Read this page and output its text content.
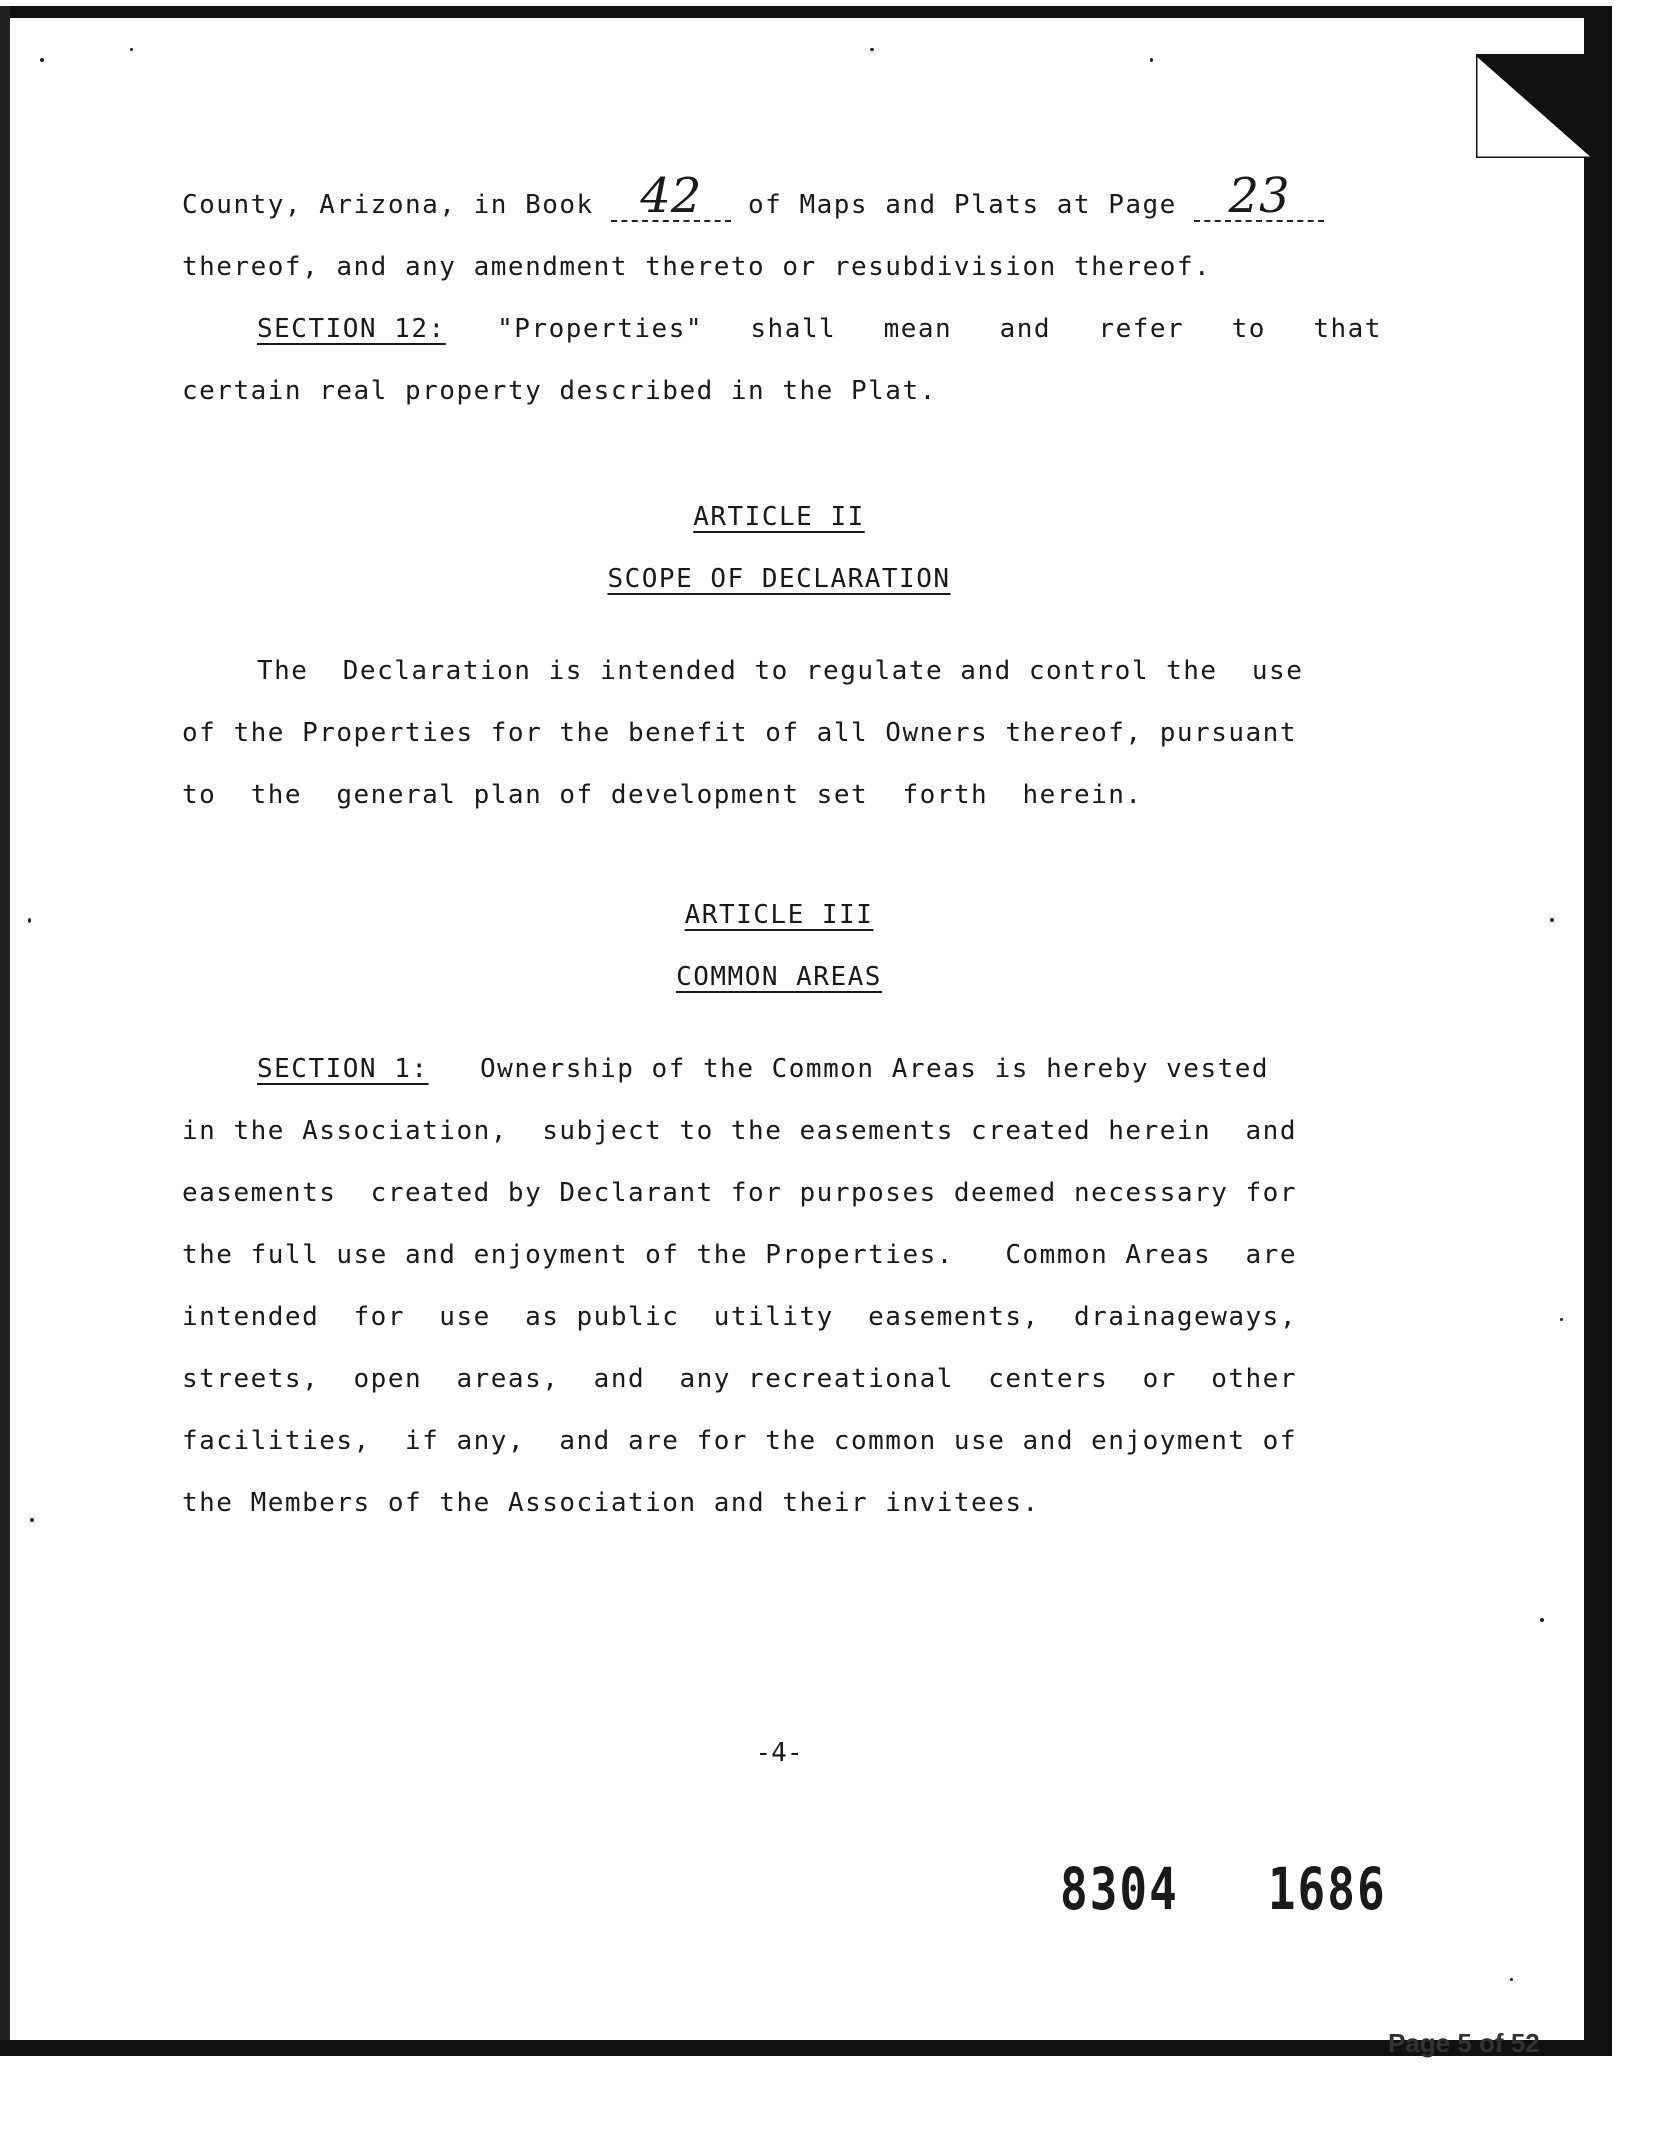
County, Arizona, in Book 42 of Maps and Plats at Page 23
thereof, and any amendment thereto or resubdivision thereof.
SECTION 12: "Properties" shall mean and refer to that
certain real property described in the Plat.
ARTICLE II
SCOPE OF DECLARATION
The  Declaration is intended to regulate and control the  use
of the Properties for the benefit of all Owners thereof, pursuant
to  the  general plan of development set  forth  herein.
ARTICLE III
COMMON AREAS
SECTION 1: Ownership of the Common Areas is hereby vested
in the Association,  subject to the easements created herein  and
easements  created by Declarant for purposes deemed necessary for
the full use and enjoyment of the Properties.   Common Areas  are
intended  for  use  as public  utility  easements,  drainageways,
streets,  open  areas,  and  any recreational  centers  or  other
facilities,  if any,  and are for the common use and enjoyment of
the Members of the Association and their invitees.
-4-
8304   1686
Page 5 of 52
